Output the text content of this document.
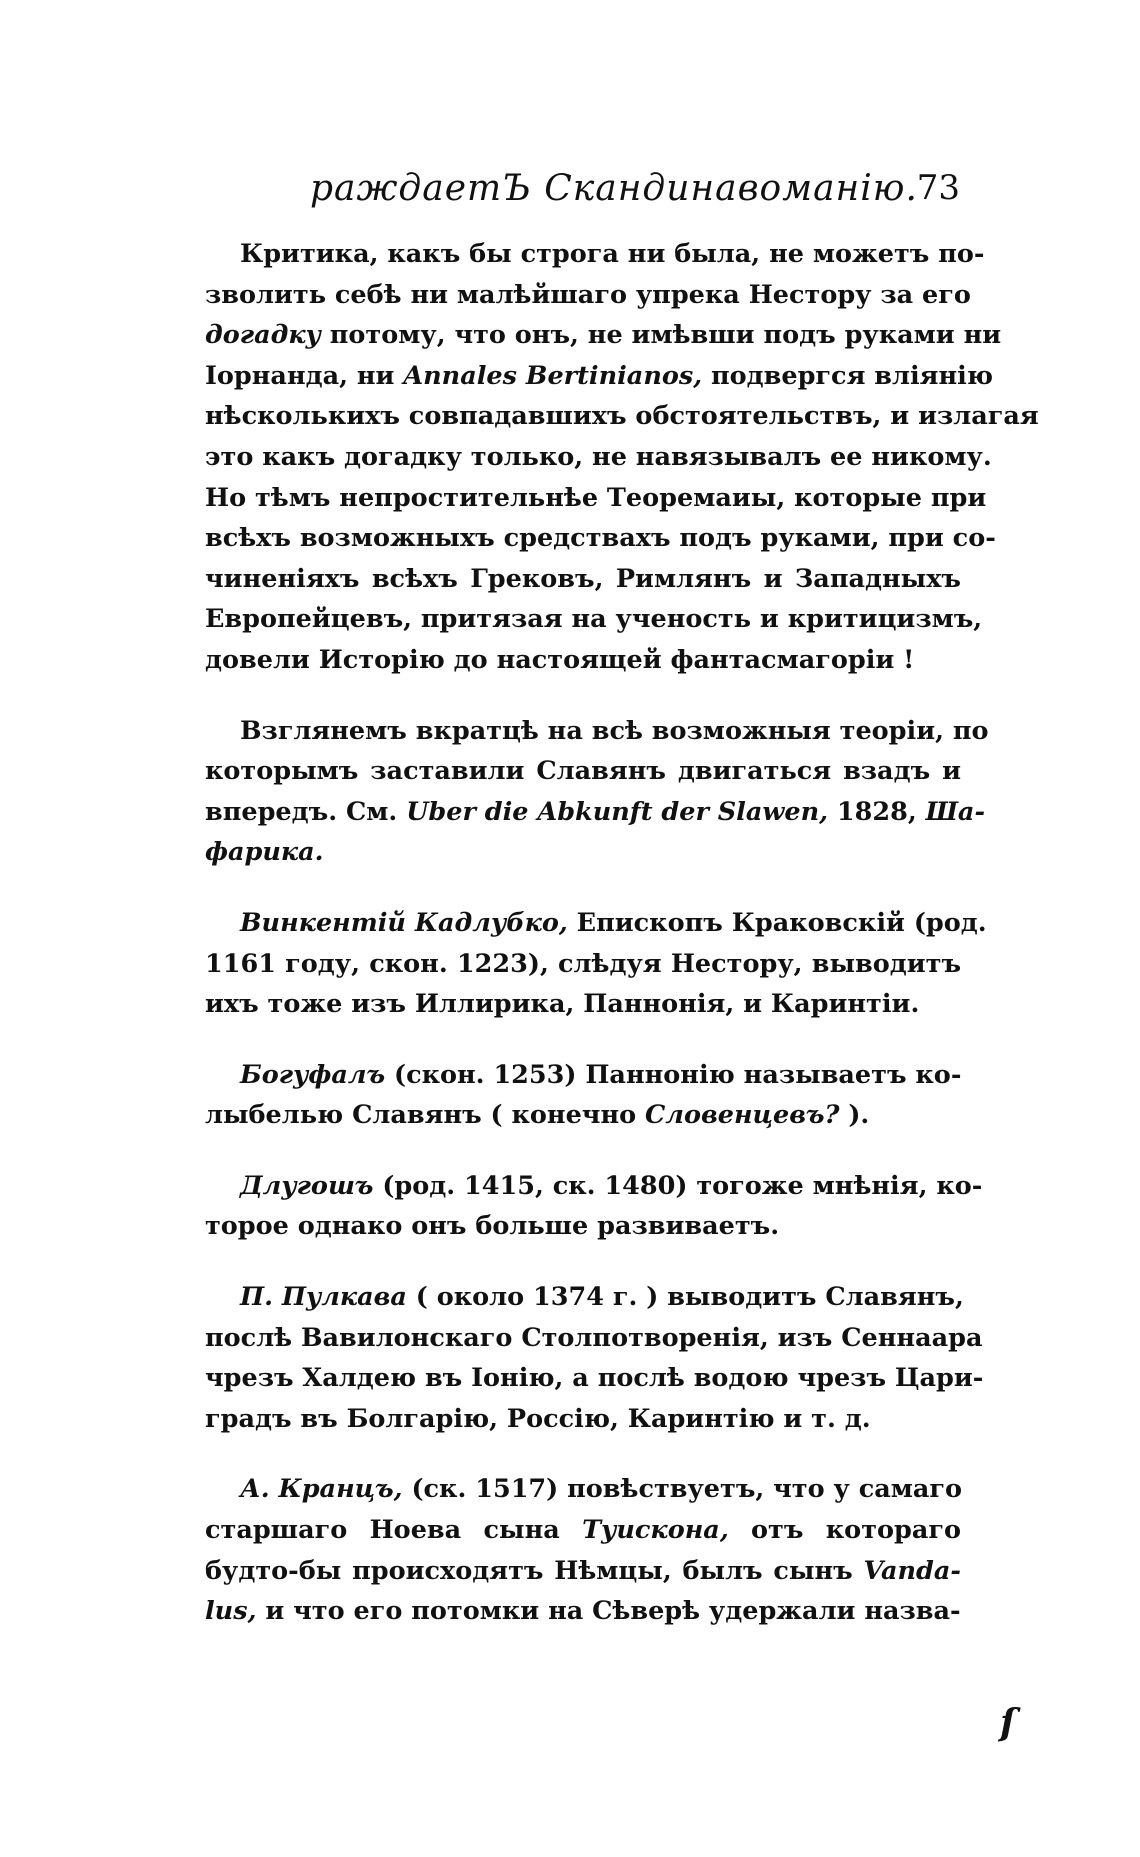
раждаетЪ Скандинавоманію.
73
Критика, какъ бы строга ни была, не можетъ по-
зволить себѣ ни малѣйшаго упрека Нестору за его
догадку потому, что онъ, не имѣвши подъ руками ни
Іорнанда, ни Annales Bertinianos, подвергся вліянію
нѣсколькихъ совпадавшихъ обстоятельствъ, и излагая
это какъ догадку только, не навязывалъ ее никому.
Но тѣмъ непростительнѣе Теоремаиы, которые при
всѣхъ возможныхъ средствахъ подъ руками, при со-
чиненіяхъ всѣхъ Грековъ, Римлянъ и Западныхъ
Европейцевъ, притязая на ученость и критицизмъ,
довели Исторію до настоящей фантасмагоріи !
Взглянемъ вкратцѣ на всѣ возможныя теоріи, по
которымъ заставили Славянъ двигаться взадъ и
впередъ. См. Uber die Abkunft der Slawen, 1828, Ша-
фарика.
Винкентій Кадлубко, Епископъ Краковскій (род.
1161 году, скон. 1223), слѣдуя Нестору, выводитъ
ихъ тоже изъ Иллирика, Паннонія, и Каринтіи.
Богуфалъ (скон. 1253) Паннонію называетъ ко-
лыбелью Славянъ ( конечно Словенцевъ? ).
Длугошъ (род. 1415, ск. 1480) тогоже мнѣнія, ко-
торое однако онъ больше развиваетъ.
П. Пулкава ( около 1374 г. ) выводитъ Славянъ,
послѣ Вавилонскаго Столпотворенія, изъ Сеннаара
чрезъ Халдею въ Іонію, а послѣ водою чрезъ Цари-
градъ въ Болгарію, Россію, Каринтію и т. д.
А. Кранцъ, (ск. 1517) повѣствуетъ, что у самаго
старшаго Ноева сына Туискона, отъ котораго
будто-бы происходятъ Нѣмцы, былъ сынъ Vanda-
lus, и что его потомки на Сѣверѣ удержали назва-
ſ
